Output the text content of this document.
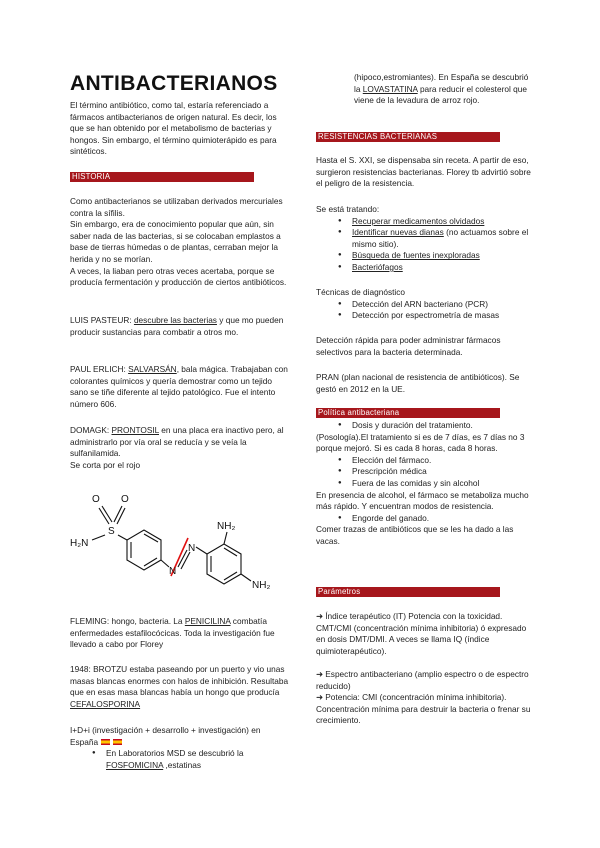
ANTIBACTERIANOS

El término antibiótico, como tal, estaría referenciado a fármacos antibacterianos de origen natural. Es decir, los que se han obtenido por el metabolismo de bacterias y hongos. Sin embargo, el término quimioterápido es para sintéticos.

HISTORIA
Como antibacterianos se utilizaban derivados mercuriales contra la sífilis.
Sin embargo, era de conocimiento popular que aún, sin saber nada de las bacterias, si se colocaban emplastos a base de tierras húmedas o de plantas, cerraban mejor la herida y no se morían.
A veces, la liaban pero otras veces acertaba, porque se producía fermentación y producción de ciertos antibióticos.

LUIS PASTEUR: descubre las bacterias y que mo pueden producir sustancias para combatir a otros mo.

PAUL ERLICH: SALVARSÁN, bala mágica. Trabajaban con colorantes químicos y quería demostrar como un tejido sano se tiñe diferente al tejido patológico. Fue el intento número 606.

DOMAGK: PRONTOSIL en una placa era inactivo pero, al administrarlo por vía oral se reducía y se veía la sulfanilamida.
Se corta por el rojo
O O
S
H₂N
N
N
NH₂
NH₂

FLEMING: hongo, bacteria. La PENICILINA combatía enfermedades estafilocócicas. Toda la investigación fue llevado a cabo por Florey

1948: BROTZU estaba paseando por un puerto y vio unas masas blancas enormes con halos de inhibición. Resultaba que en esas masa blancas había un hongo que producía CEFALOSPORINA

I+D+i (investigación + desarrollo + investigación) en España
● En Laboratorios MSD se descubrió la FOSFOMICINA ,estatinas

(hipoco,estromiantes). En España se descubrió la LOVASTATINA para reducir el colesterol que viene de la levadura de arroz rojo.

RESISTENCIAS BACTERIANAS

Hasta el S. XXI, se dispensaba sin receta. A partir de eso, surgieron resistencias bacterianas. Florey tb advirtió sobre el peligro de la resistencia.

Se está tratando:
● Recuperar medicamentos olvidados
● Identificar nuevas dianas (no actuamos sobre el mismo sitio).
● Búsqueda de fuentes inexploradas
● Bacteriófagos
Técnicas de diagnóstico
● Detección del ARN bacteriano (PCR)
● Detección por espectrometría de masas

Detección rápida para poder administrar fármacos selectivos para la bacteria determinada.

PRAN (plan nacional de resistencia de antibióticos). Se gestó en 2012 en la UE.

Política antibacteriana
● Dosis y duración del tratamiento.
(Posología).El tratamiento si es de 7 días, es 7 días no 3 porque mejoró. Si es cada 8 horas, cada 8 horas.
● Elección del fármaco.
● Prescripción médica
● Fuera de las comidas y sin alcohol
En presencia de alcohol, el fármaco se metaboliza mucho más rápido. Y encuentran modos de resistencia.
● Engorde del ganado.
Comer trazas de antibióticos que se les ha dado a las vacas.
Parámetros
➜ Índice terapéutico (IT) Potencia con la toxicidad. CMT/CMI (concentración mínima inhibitoria) ó expresado en dosis DMT/DMI. A veces se llama IQ (índice quimioterapéutico).
➜ Espectro antibacteriano (amplio espectro o de espectro reducido)
➜ Potencia: CMI (concentración mínima inhibitoria). Concentración mínima para destruir la bacteria o frenar su crecimiento.
